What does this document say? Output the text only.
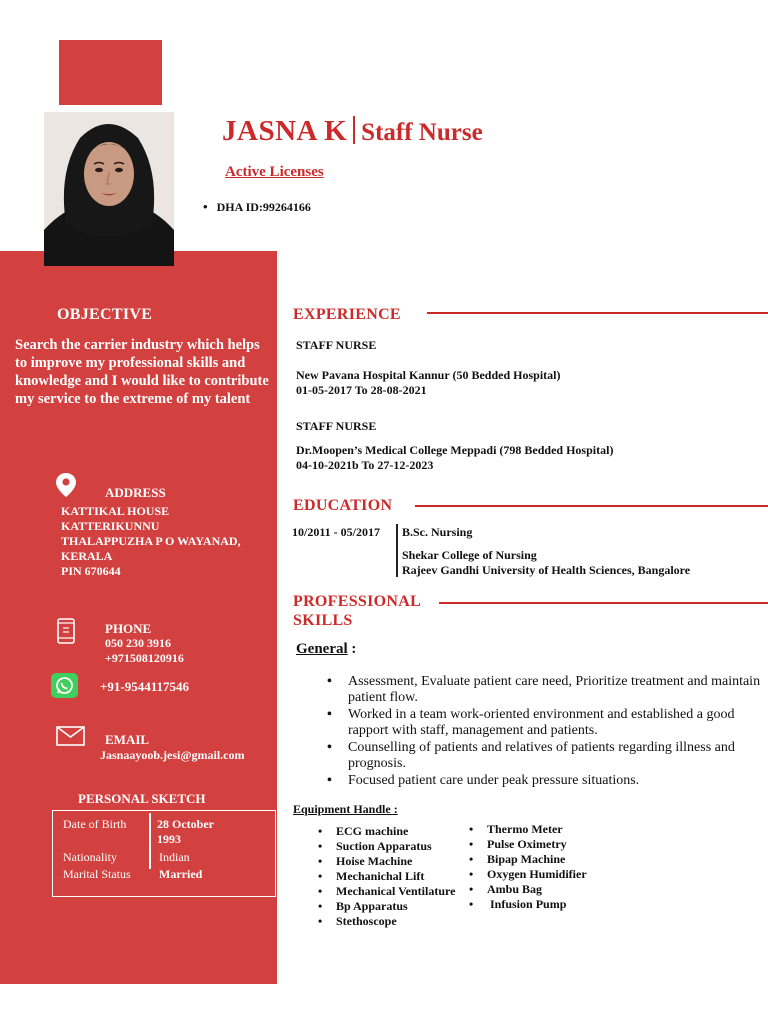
JASNA K Staff Nurse
Active Licenses
• DHA ID:99264166
OBJECTIVE
Search the carrier industry which helps to improve my professional skills and knowledge and I would like to contribute my service to the extreme of my talent
ADDRESS
KATTIKAL HOUSE
KATTERIKUNNU
THALAPPUZHA P O WAYANAD,
KERALA
PIN 670644
PHONE
050 230 3916
+971508120916
+91-9544117546
EMAIL
Jasnaayoob.jesi@gmail.com
PERSONAL SKETCH
Date of Birth	28 October
1993
Nationality	Indian
Marital Status Married
EXPERIENCE
STAFF NURSE
New Pavana Hospital Kannur (50 Bedded Hospital)
01-05-2017 To 28-08-2021
STAFF NURSE
Dr.Moopen’s Medical College Meppadi (798 Bedded Hospital)
04-10-2021b To 27-12-2023
EDUCATION
10/2011 - 05/2017 B.Sc. Nursing
Shekar College of Nursing
Rajeev Gandhi University of Health Sciences, Bangalore
PROFESSIONAL
SKILLS
General :
• Assessment, Evaluate patient care need, Prioritize treatment and maintain patient flow.
• Worked in a team work-oriented environment and established a good rapport with staff, management and patients.
• Counselling of patients and relatives of patients regarding illness and prognosis.
• Focused patient care under peak pressure situations.
Equipment Handle :
• ECG machine
• Suction Apparatus
• Hoise Machine
• Mechanichal Lift
• Mechanical Ventilature
• Bp Apparatus
• Stethoscope
• Thermo Meter
• Pulse Oximetry
• Bipap Machine
• Oxygen Humidifier
• Ambu Bag
• Infusion Pump
